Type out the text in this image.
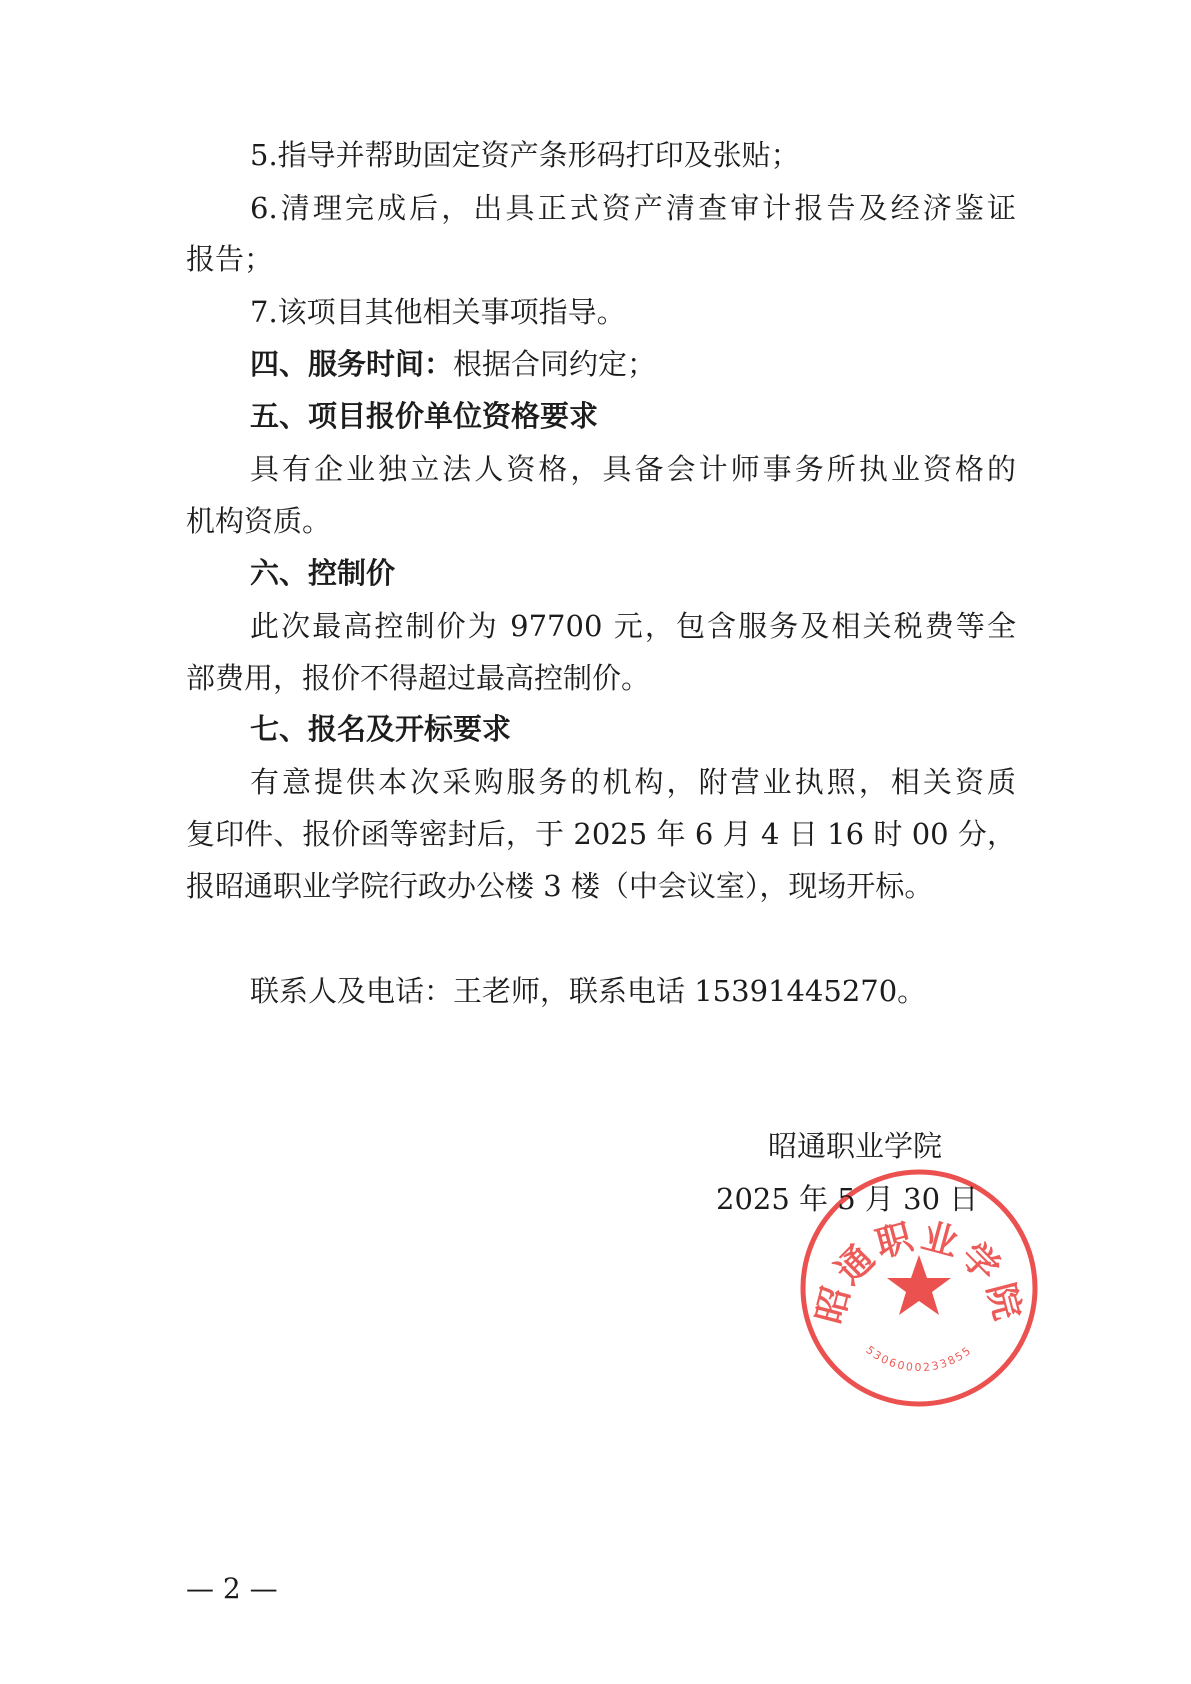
5.指导并帮助固定资产条形码打印及张贴；
6.清理完成后，出具正式资产清查审计报告及经济鉴证
报告；
7.该项目其他相关事项指导。
四、服务时间：根据合同约定；
五、项目报价单位资格要求
具有企业独立法人资格，具备会计师事务所执业资格的
机构资质。
六、控制价
此次最高控制价为 97700 元，包含服务及相关税费等全
部费用，报价不得超过最高控制价。
七、报名及开标要求
有意提供本次采购服务的机构，附营业执照，相关资质
复印件、报价函等密封后，于 2025 年 6 月 4 日 16 时 00 分，
报昭通职业学院行政办公楼 3 楼（中会议室），现场开标。
联系人及电话：王老师，联系电话 15391445270。
昭通职业学院
5306000233855
昭通职业学院
2025 年 5 月 30 日
— 2 —
